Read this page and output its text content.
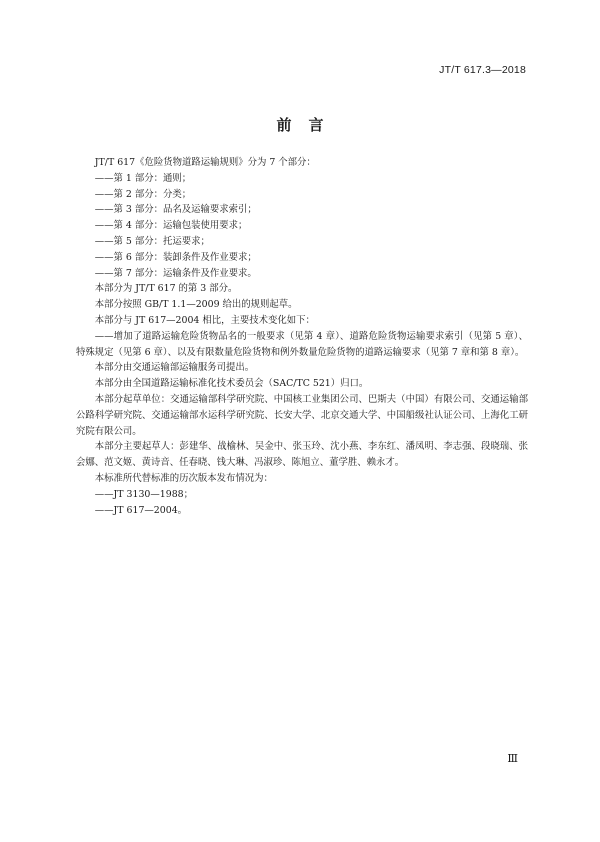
JT/T 617.3—2018
前言

JT/T 617《危险货物道路运输规则》分为 7 个部分：

——第 1 部分：通则；

——第 2 部分：分类；

——第 3 部分：品名及运输要求索引；

——第 4 部分：运输包装使用要求；

——第 5 部分：托运要求；

——第 6 部分：装卸条件及作业要求；

——第 7 部分：运输条件及作业要求。

本部分为 JT/T 617 的第 3 部分。

本部分按照 GB/T 1.1—2009 给出的规则起草。

本部分与 JT 617—2004 相比，主要技术变化如下：

——增加了道路运输危险货物品名的一般要求（见第 4 章）、道路危险货物运输要求索引（见第 5 章）、特殊规定（见第 6 章）、以及有限数量危险货物和例外数量危险货物的道路运输要求（见第 7 章和第 8 章）。

本部分由交通运输部运输服务司提出。

本部分由全国道路运输标准化技术委员会（SAC/TC 521）归口。

本部分起草单位：交通运输部科学研究院、中国核工业集团公司、巴斯夫（中国）有限公司、交通运输部公路科学研究院、交通运输部水运科学研究院、长安大学、北京交通大学、中国船级社认证公司、上海化工研究院有限公司。

本部分主要起草人：彭建华、战榆林、吴金中、张玉玲、沈小燕、李东红、潘凤明、李志强、段晓瑞、张会娜、范文姬、黄诗音、任春晓、钱大琳、冯淑珍、陈旭立、董学胜、赖永才。

本标准所代替标准的历次版本发布情况为：

——JT 3130—1988；

——JT 617—2004。

Ⅲ
